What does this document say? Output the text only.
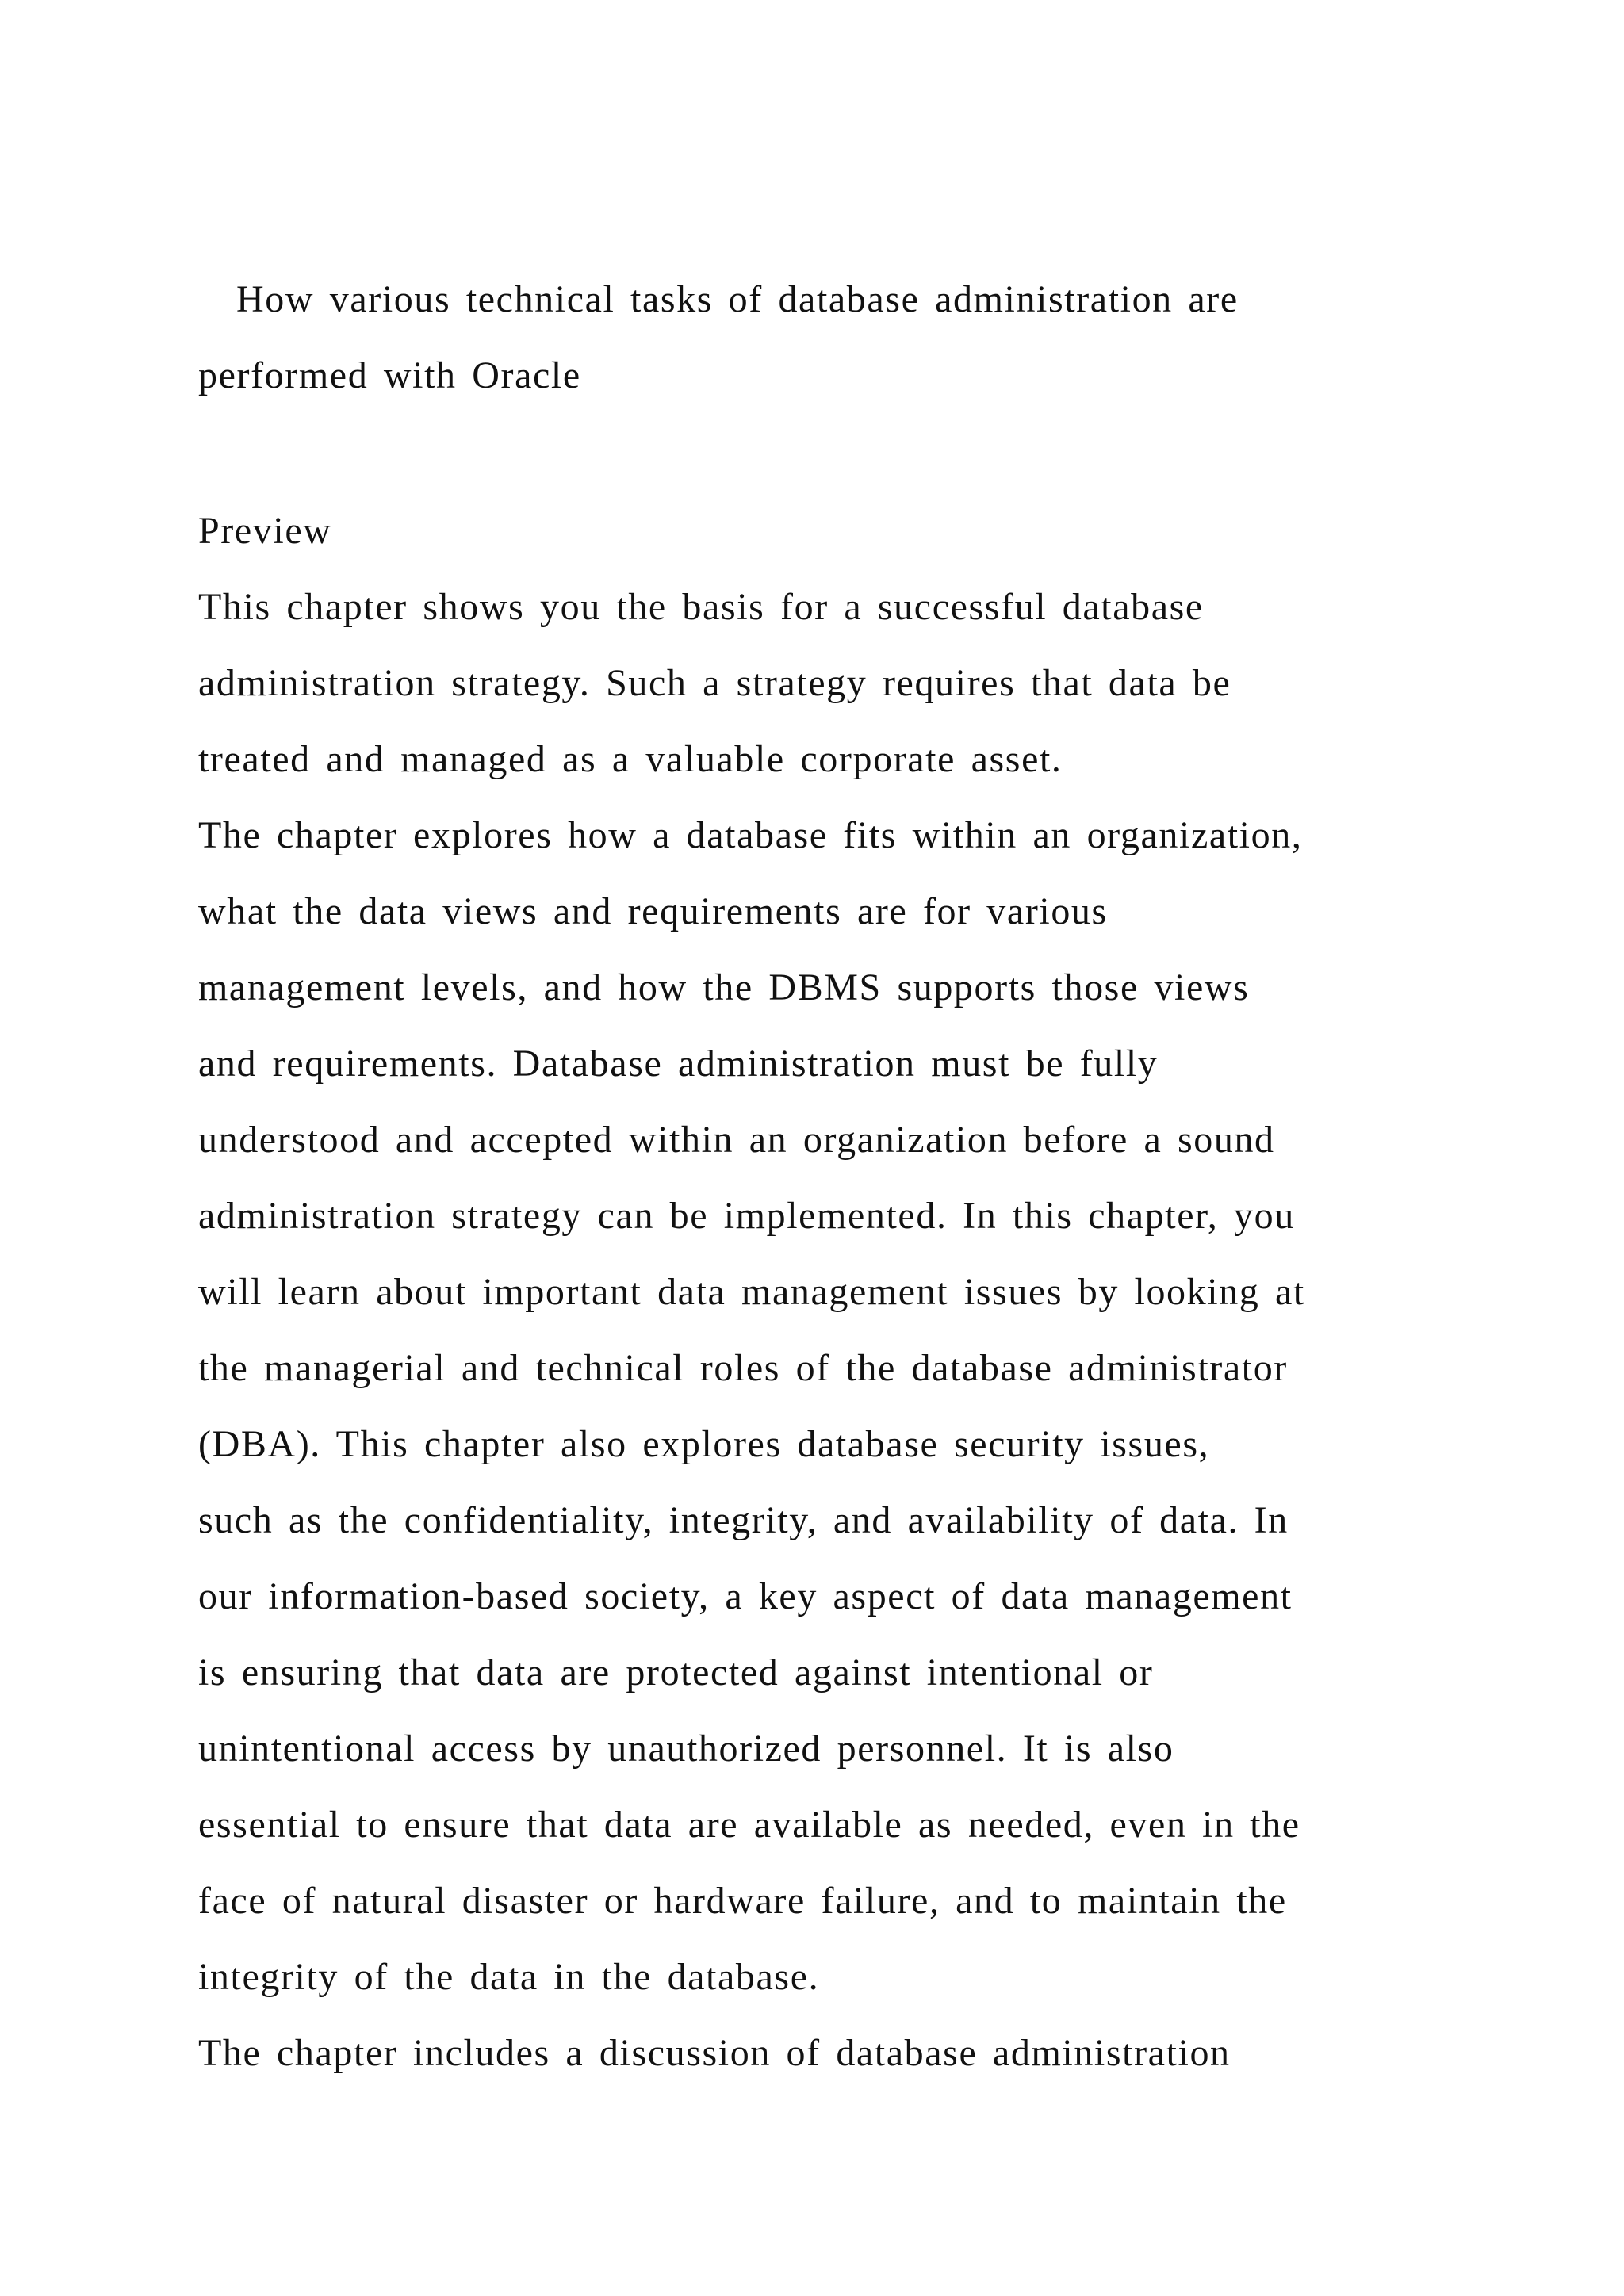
How various technical tasks of database administration are
performed with Oracle
Preview
This chapter shows you the basis for a successful database
administration strategy. Such a strategy requires that data be
treated and managed as a valuable corporate asset.
The chapter explores how a database fits within an organization,
what the data views and requirements are for various
management levels, and how the DBMS supports those views
and requirements. Database administration must be fully
understood and accepted within an organization before a sound
administration strategy can be implemented. In this chapter, you
will learn about important data management issues by looking at
the managerial and technical roles of the database administrator
(DBA). This chapter also explores database security issues,
such as the confidentiality, integrity, and availability of data. In
our information-based society, a key aspect of data management
is ensuring that data are protected against intentional or
unintentional access by unauthorized personnel. It is also
essential to ensure that data are available as needed, even in the
face of natural disaster or hardware failure, and to maintain the
integrity of the data in the database.
The chapter includes a discussion of database administration
